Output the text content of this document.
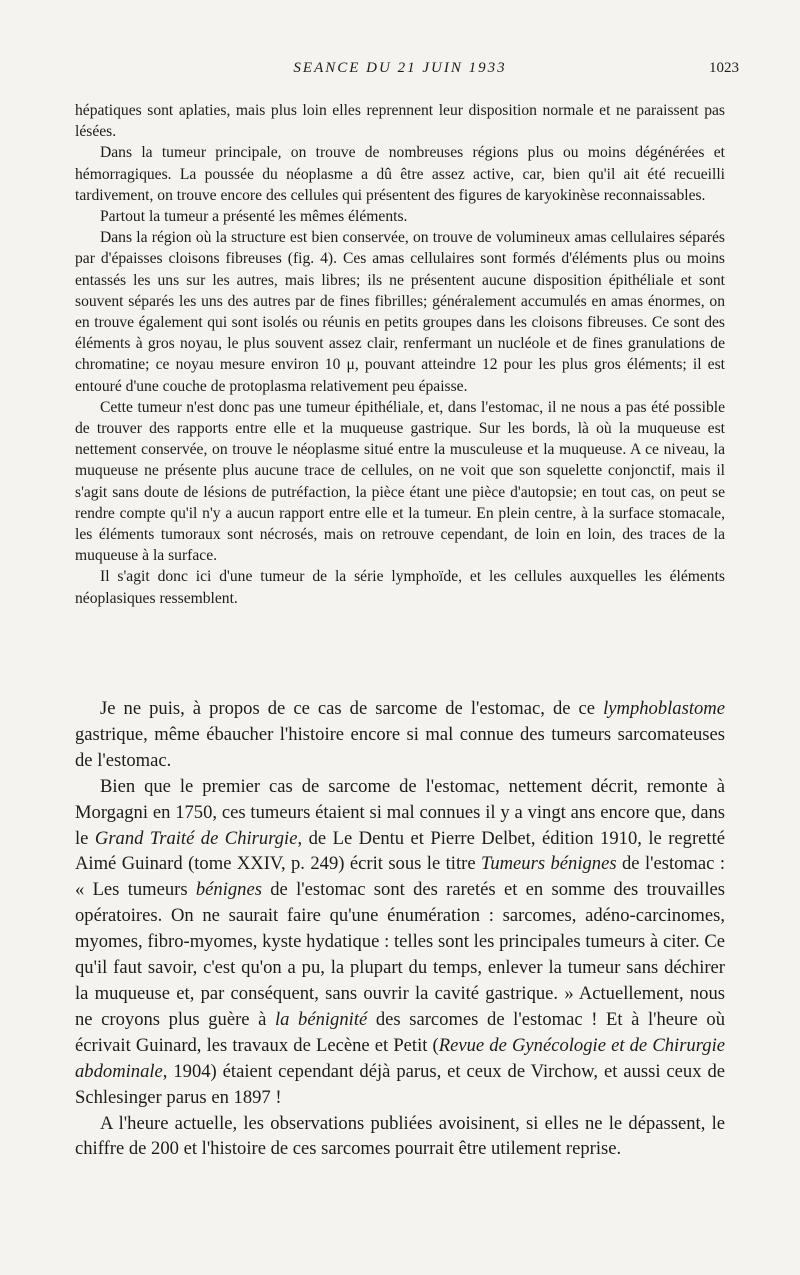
SEANCE DU 21 JUIN 1933	1023

hépatiques sont aplaties, mais plus loin elles reprennent leur disposition normale et ne paraissent pas lésées.

Dans la tumeur principale, on trouve de nombreuses régions plus ou moins dégénérées et hémorragiques. La poussée du néoplasme a dû être assez active, car, bien qu'il ait été recueilli tardivement, on trouve encore des cellules qui présentent des figures de karyokinèse reconnaissables.

Partout la tumeur a présenté les mêmes éléments.

Dans la région où la structure est bien conservée, on trouve de volumineux amas cellulaires séparés par d'épaisses cloisons fibreuses (fig. 4). Ces amas cellulaires sont formés d'éléments plus ou moins entassés les uns sur les autres, mais libres; ils ne présentent aucune disposition épithéliale et sont souvent séparés les uns des autres par de fines fibrilles; généralement accumulés en amas énormes, on en trouve également qui sont isolés ou réunis en petits groupes dans les cloisons fibreuses. Ce sont des éléments à gros noyau, le plus souvent assez clair, renfermant un nucléole et de fines granulations de chromatine; ce noyau mesure environ 10 μ, pouvant atteindre 12 pour les plus gros éléments; il est entouré d'une couche de protoplasma relativement peu épaisse.

Cette tumeur n'est donc pas une tumeur épithéliale, et, dans l'estomac, il ne nous a pas été possible de trouver des rapports entre elle et la muqueuse gastrique. Sur les bords, là où la muqueuse est nettement conservée, on trouve le néoplasme situé entre la musculeuse et la muqueuse. A ce niveau, la muqueuse ne présente plus aucune trace de cellules, on ne voit que son squelette conjonctif, mais il s'agit sans doute de lésions de putréfaction, la pièce étant une pièce d'autopsie; en tout cas, on peut se rendre compte qu'il n'y a aucun rapport entre elle et la tumeur. En plein centre, à la surface stomacale, les éléments tumoraux sont nécrosés, mais on retrouve cependant, de loin en loin, des traces de la muqueuse à la surface.

Il s'agit donc ici d'une tumeur de la série lymphoïde, et les cellules auxquelles les éléments néoplasiques ressemblent.

Je ne puis, à propos de ce cas de sarcome de l'estomac, de ce lymphoblastome gastrique, même ébaucher l'histoire encore si mal connue des tumeurs sarcomateuses de l'estomac.

Bien que le premier cas de sarcome de l'estomac, nettement décrit, remonte à Morgagni en 1750, ces tumeurs étaient si mal connues il y a vingt ans encore que, dans le Grand Traité de Chirurgie, de Le Dentu et Pierre Delbet, édition 1910, le regretté Aimé Guinard (tome XXIV, p. 249) écrit sous le titre Tumeurs bénignes de l'estomac : « Les tumeurs bénignes de l'estomac sont des raretés et en somme des trouvailles opératoires. On ne saurait faire qu'une énumération : sarcomes, adéno-carcinomes, myomes, fibro-myomes, kyste hydatique : telles sont les principales tumeurs à citer. Ce qu'il faut savoir, c'est qu'on a pu, la plupart du temps, enlever la tumeur sans déchirer la muqueuse et, par conséquent, sans ouvrir la cavité gastrique. » Actuellement, nous ne croyons plus guère à la bénignité des sarcomes de l'estomac ! Et à l'heure où écrivait Guinard, les travaux de Lecène et Petit (Revue de Gynécologie et de Chirurgie abdominale, 1904) étaient cependant déjà parus, et ceux de Virchow, et aussi ceux de Schlesinger parus en 1897 !

A l'heure actuelle, les observations publiées avoisinent, si elles ne le dépassent, le chiffre de 200 et l'histoire de ces sarcomes pourrait être utilement reprise.
